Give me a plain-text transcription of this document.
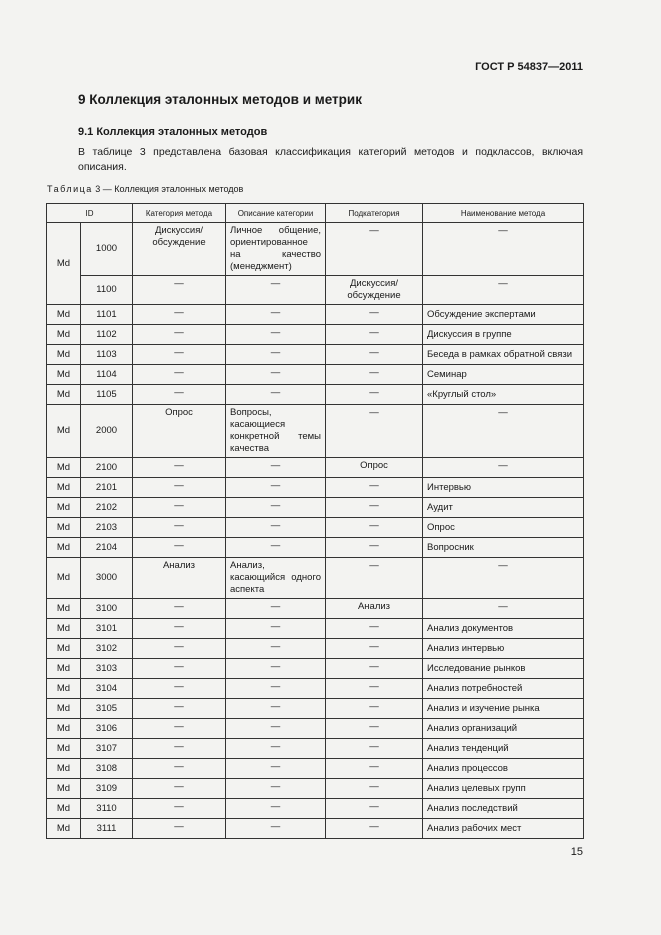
ГОСТ Р 54837—2011
9 Коллекция эталонных методов и метрик
9.1 Коллекция эталонных методов

В таблице 3 представлена базовая классификация категорий методов и подклассов, включая описания.

Таблица 3 — Коллекция эталонных методов
ID		Категория метода	Описание категории	Подкатегория	Наименование метода
Md	1000	Дискуссия/ обсуждение	Личное общение, ориентированное на качество (менеджмент)	—	—
	1100	—	—	Дискуссия/ обсуждение	—
Md	1101	—	—	—	Обсуждение экспертами
Md	1102	—	—	—	Дискуссия в группе
Md	1103	—	—	—	Беседа в рамках обратной связи
Md	1104	—	—	—	Семинар
Md	1105	—	—	—	«Круглый стол»
Md	2000	Опрос	Вопросы, касающиеся конкретной темы качества	—	—
Md	2100	—	—	Опрос	—
Md	2101	—	—	—	Интервью
Md	2102	—	—	—	Аудит
Md	2103	—	—	—	Опрос
Md	2104	—	—	—	Вопросник
Md	3000	Анализ	Анализ, касающийся одного аспекта	—	—
Md	3100	—	—	Анализ	—
Md	3101	—	—	—	Анализ документов
Md	3102	—	—	—	Анализ интервью
Md	3103	—	—	—	Исследование рынков
Md	3104	—	—	—	Анализ потребностей
Md	3105	—	—	—	Анализ и изучение рынка
Md	3106	—	—	—	Анализ организаций
Md	3107	—	—	—	Анализ тенденций
Md	3108	—	—	—	Анализ процессов
Md	3109	—	—	—	Анализ целевых групп
Md	3110	—	—	—	Анализ последствий
Md	3111	—	—	—	Анализ рабочих мест
15
